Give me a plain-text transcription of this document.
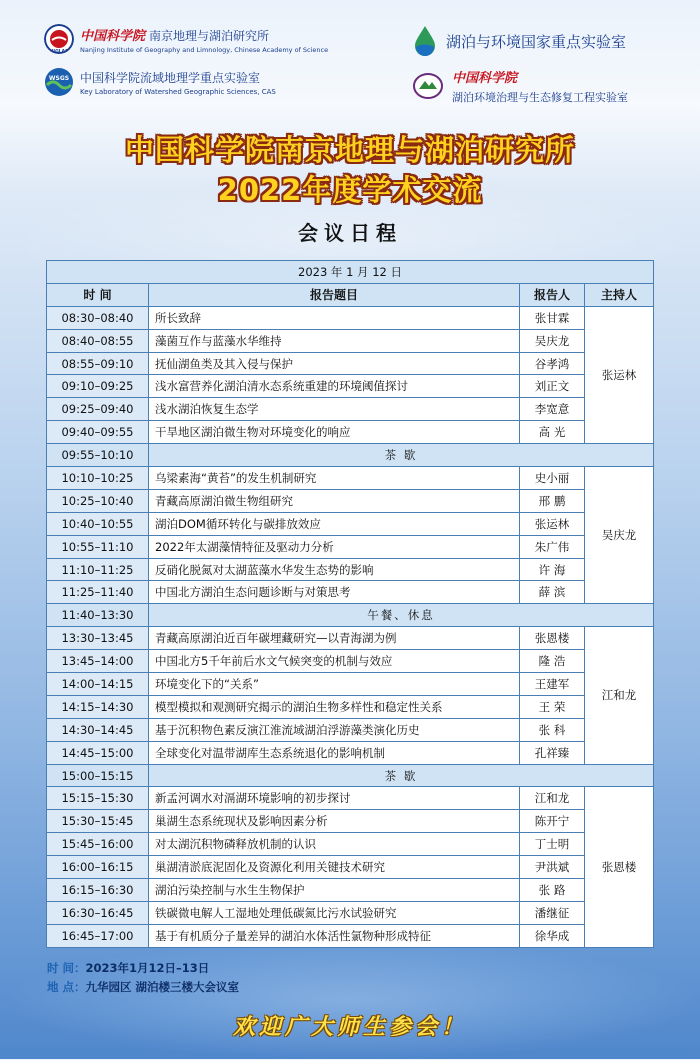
NIGLAS
中国科学院 南京地理与湖泊研究所
Nanjing Institute of Geography and Limnology, Chinese Academy of Science	湖泊与环境国家重点实验室
WSGS 中国科学院流域地理学重点实验室
Key Laboratory of Watershed Geographic Sciences, CAS
中国科学院
湖泊环境治理与生态修复工程实验室
中国科学院南京地理与湖泊研究所
2022年度学术交流
会议日程
2023 年 1 月 12 日			
时 间	报告题目	报告人	主持人
08:30–08:40	所长致辞	张甘霖	张运林
08:40–08:55	藻菌互作与蓝藻水华维持	吴庆龙	
08:55–09:10	抚仙湖鱼类及其入侵与保护	谷孝鸿	
09:10–09:25	浅水富营养化湖泊清水态系统重建的环境阈值探讨	刘正文	
09:25–09:40	浅水湖泊恢复生态学	李宽意	
09:40–09:55	干旱地区湖泊微生物对环境变化的响应	高 光	
09:55–10:10	茶 歇		
10:10–10:25	乌梁素海“黄苔”的发生机制研究	史小丽	吴庆龙
10:25–10:40	青藏高原湖泊微生物组研究	邢 鹏	
10:40–10:55	湖泊DOM循环转化与碳排放效应	张运林	
10:55–11:10	2022年太湖藻情特征及驱动力分析	朱广伟	
11:10–11:25	反硝化脱氮对太湖蓝藻水华发生态势的影响	许 海	
11:25–11:40	中国北方湖泊生态问题诊断与对策思考	薛 滨	
11:40–13:30	午餐、休息		
13:30–13:45	青藏高原湖泊近百年碳埋藏研究—以青海湖为例	张恩楼	江和龙
13:45–14:00	中国北方5千年前后水文气候突变的机制与效应	隆 浩	
14:00–14:15	环境变化下的“关系”	王建军	
14:15–14:30	模型模拟和观测研究揭示的湖泊生物多样性和稳定性关系	王 荣	
14:30–14:45	基于沉积物色素反演江淮流域湖泊浮游藻类演化历史	张 科	
14:45–15:00	全球变化对温带湖库生态系统退化的影响机制	孔祥臻	
15:00–15:15	茶 歇		
15:15–15:30	新孟河调水对滆湖环境影响的初步探讨	江和龙	张恩楼
15:30–15:45	巢湖生态系统现状及影响因素分析	陈开宁	
15:45–16:00	对太湖沉积物磷释放机制的认识	丁士明	
16:00–16:15	巢湖清淤底泥固化及资源化利用关键技术研究	尹洪斌	
16:15–16:30	湖泊污染控制与水生生物保护	张 路	
16:30–16:45	铁碳微电解人工湿地处理低碳氮比污水试验研究	潘继征	
16:45–17:00	基于有机质分子量差异的湖泊水体活性氯物种形成特征	徐华成	
时 间：2023年1月12日–13日
地 点：九华园区 湖泊楼三楼大会议室
欢迎广大师生参会！
